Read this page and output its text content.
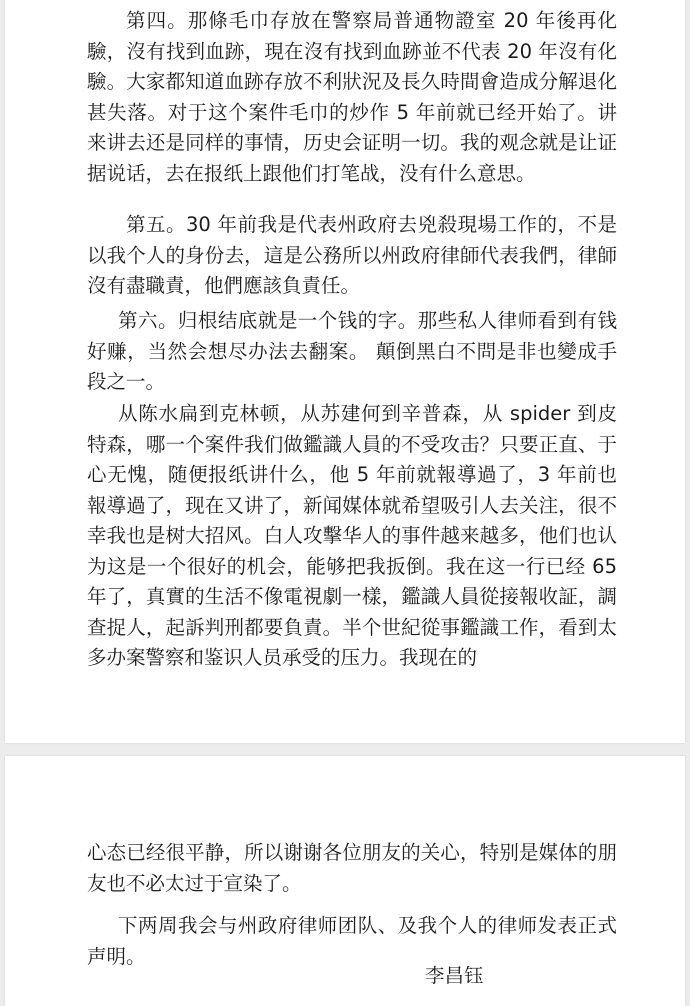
第四。那條毛巾存放在警察局普通物證室 20 年後再化驗，沒有找到血跡，現在沒有找到血跡並不代表 20 年沒有化驗。大家都知道血跡存放不利狀況及長久時間會造成分解退化甚失落。对于这个案件毛巾的炒作 5 年前就已经开始了。讲来讲去还是同样的事情，历史会证明一切。我的观念就是让证据说话，去在报纸上跟他们打笔战，没有什么意思。

第五。30 年前我是代表州政府去兇殺現場工作的，不是以我个人的身份去，這是公務所以州政府律師代表我們，律師沒有盡職責，他們應該負責任。

第六。归根结底就是一个钱的字。那些私人律师看到有钱好赚，当然会想尽办法去翻案。 顛倒黑白不問是非也變成手段之一。

从陈水扁到克林顿，从苏建何到辛普森，从 spider 到皮特森，哪一个案件我们做鑑識人員的不受攻击？只要正直、于心无愧，随便报纸讲什么，他 5 年前就報導過了，3 年前也報導過了，现在又讲了，新闻媒体就希望吸引人去关注，很不幸我也是树大招风。白人攻擊华人的事件越来越多，他们也认为这是一个很好的机会，能够把我扳倒。我在这一行已经 65 年了，真實的生活不像電視劇一樣，鑑識人員從接報收証，調查捉人，起訴判刑都要負責。半个世紀從事鑑識工作，看到太多办案警察和鉴识人员承受的压力。我现在的

心态已经很平静，所以谢谢各位朋友的关心，特别是媒体的朋友也不必太过于宣染了。

下两周我会与州政府律师团队、及我个人的律师发表正式声明。

李昌钰
